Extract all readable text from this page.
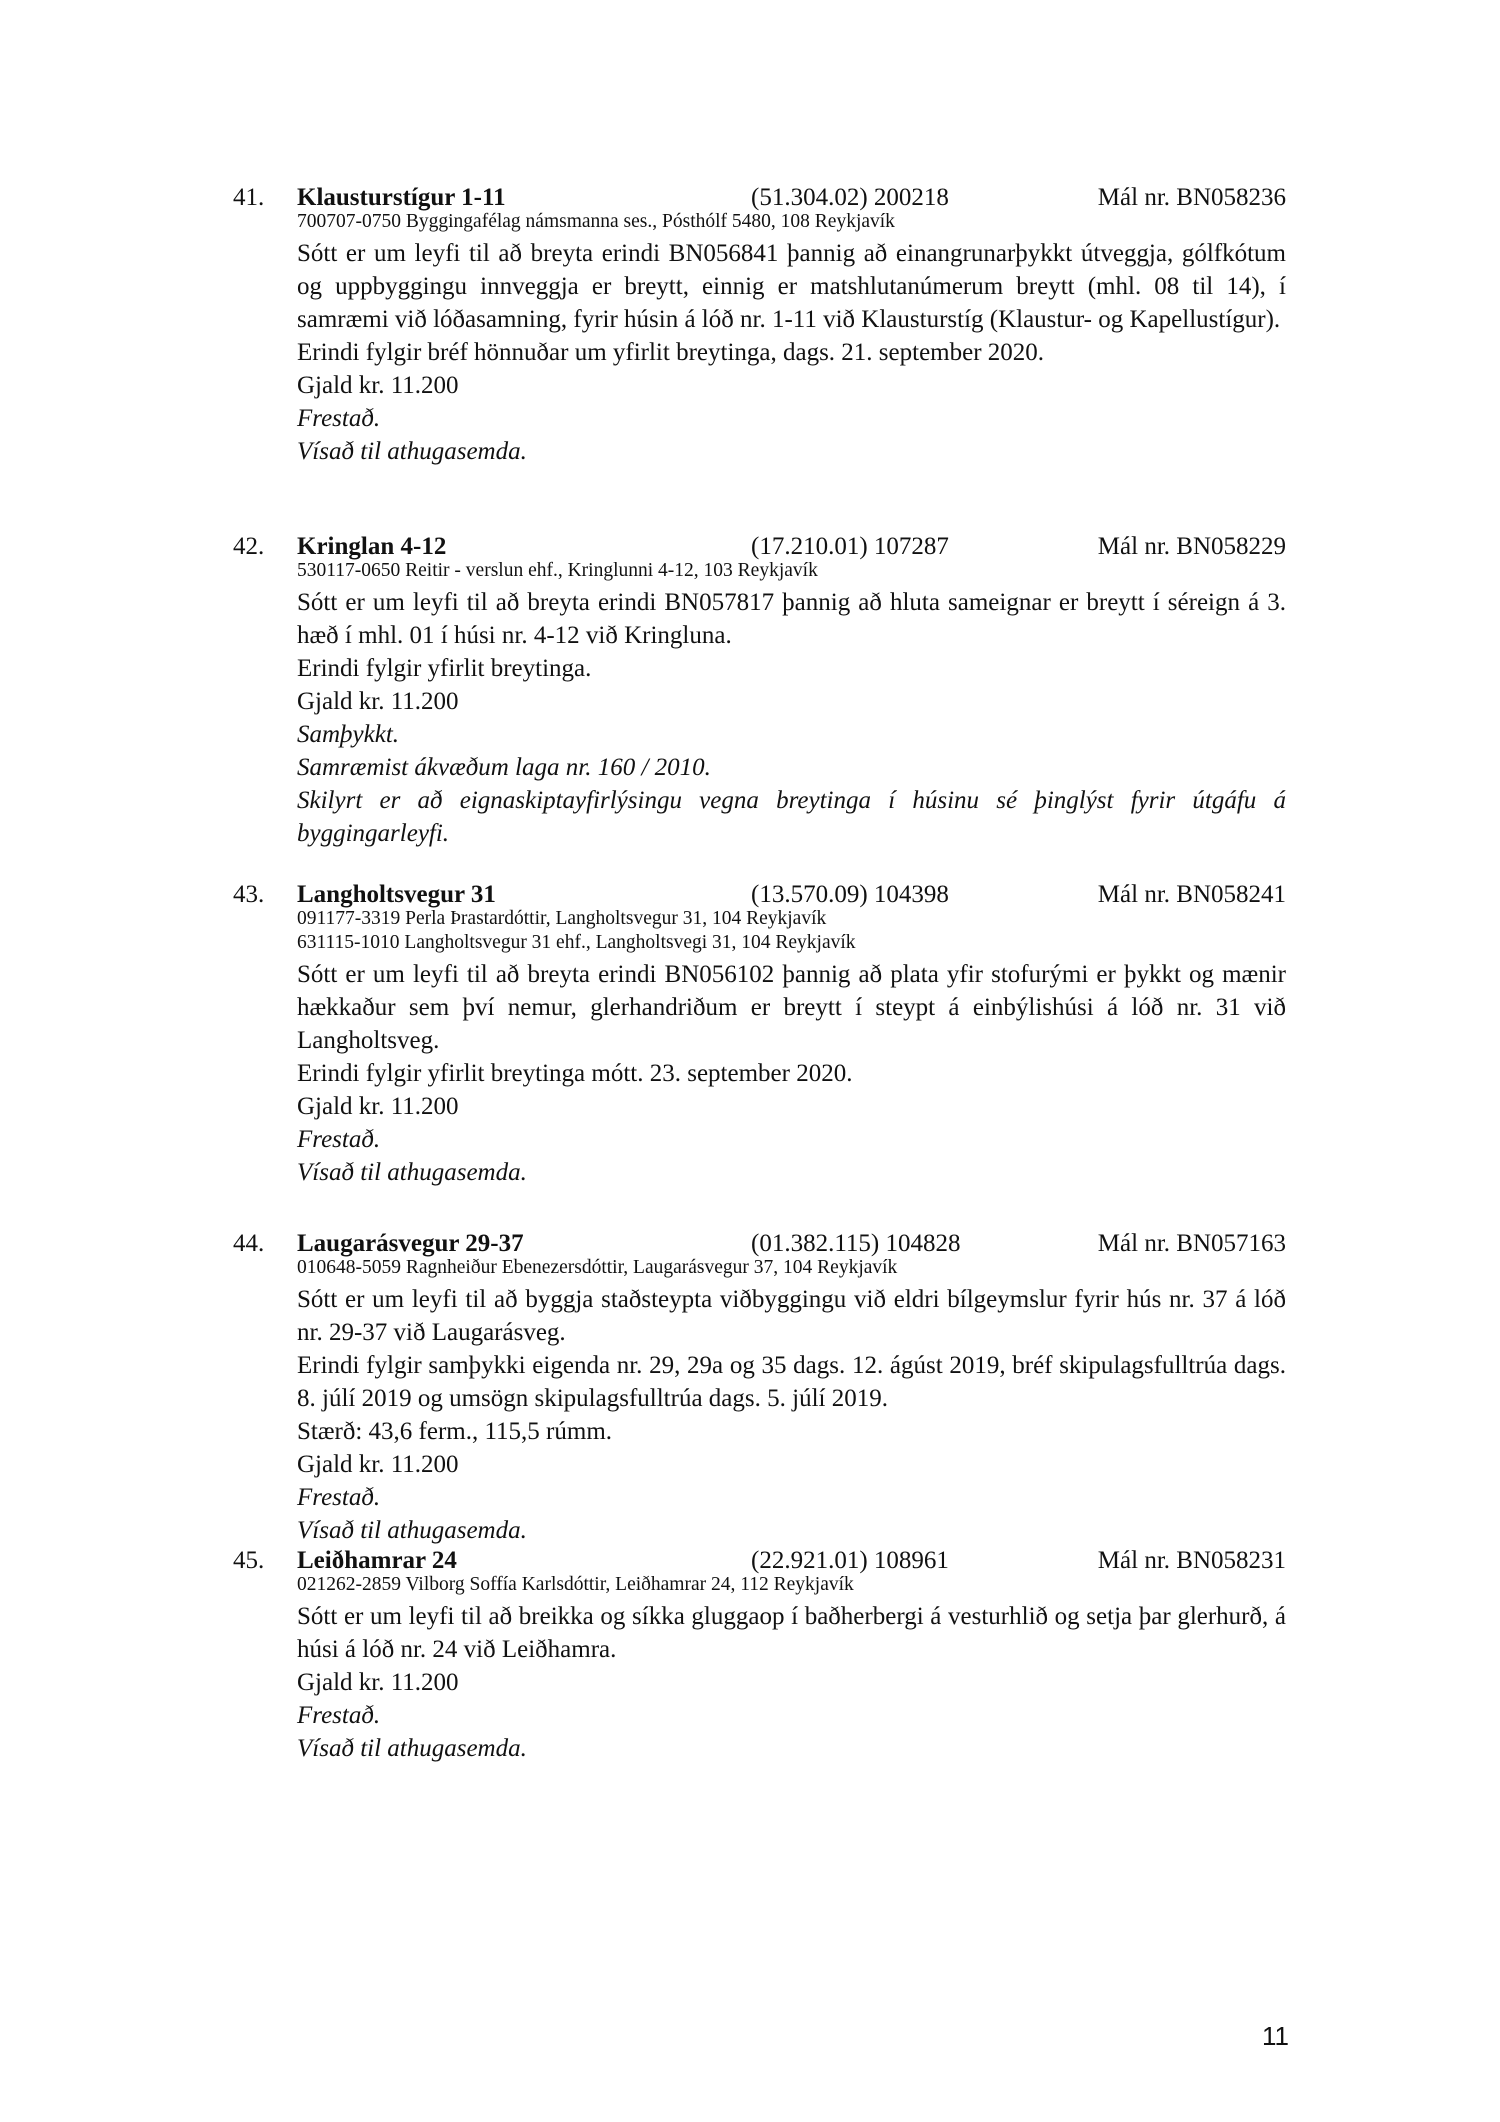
41. Klausturstígur 1-11	(51.304.02) 200218	Mál nr. BN058236
700707-0750 Byggingafélag námsmanna ses., Pósthólf 5480, 108 Reykjavík
Sótt er um leyfi til að breyta erindi BN056841 þannig að einangrunarþykkt útveggja, gólfkótum og uppbyggingu innveggja er breytt, einnig er matshlutanúmerum breytt (mhl. 08 til 14), í samræmi við lóðasamning, fyrir húsin á lóð nr. 1-11 við Klausturstíg (Klaustur- og Kapellustígur).
Erindi fylgir bréf hönnuðar um yfirlit breytinga, dags. 21. september 2020.
Gjald kr. 11.200
Frestað.
Vísað til athugasemda.
42. Kringlan 4-12	(17.210.01) 107287	Mál nr. BN058229
530117-0650 Reitir - verslun ehf., Kringlunni 4-12, 103 Reykjavík
Sótt er um leyfi til að breyta erindi BN057817 þannig að hluta sameignar er breytt í séreign á 3. hæð í mhl. 01 í húsi nr. 4-12 við Kringluna.
Erindi fylgir yfirlit breytinga.
Gjald kr. 11.200
Samþykkt.
Samræmist ákvæðum laga nr. 160 / 2010.
Skilyrt er að eignaskiptayfirlýsingu vegna breytinga í húsinu sé þinglýst fyrir útgáfu á byggingarleyfi.
43. Langholtsvegur 31	(13.570.09) 104398	Mál nr. BN058241
091177-3319 Perla Þrastardóttir, Langholtsvegur 31, 104 Reykjavík
631115-1010 Langholtsvegur 31 ehf., Langholtsvegi 31, 104 Reykjavík
Sótt er um leyfi til að breyta erindi BN056102 þannig að plata yfir stofurými er þykkt og mænir hækkaður sem því nemur, glerhandriðum er breytt í steypt á einbýlishúsi á lóð nr. 31 við Langholtsveg.
Erindi fylgir yfirlit breytinga mótt. 23. september 2020.
Gjald kr. 11.200
Frestað.
Vísað til athugasemda.
44. Laugarásvegur 29-37	(01.382.115) 104828	Mál nr. BN057163
010648-5059 Ragnheiður Ebenezersdóttir, Laugarásvegur 37, 104 Reykjavík
Sótt er um leyfi til að byggja staðsteypta viðbyggingu við eldri bílgeymslur fyrir hús nr. 37 á lóð nr. 29-37 við Laugarásveg.
Erindi fylgir samþykki eigenda nr. 29, 29a og 35 dags. 12. ágúst 2019, bréf skipulagsfulltrúa dags. 8. júlí 2019 og umsögn skipulagsfulltrúa dags. 5. júlí 2019.
Stærð: 43,6 ferm., 115,5 rúmm.
Gjald kr. 11.200
Frestað.
Vísað til athugasemda.
45. Leiðhamrar 24	(22.921.01) 108961	Mál nr. BN058231
021262-2859 Vilborg Soffía Karlsdóttir, Leiðhamrar 24, 112 Reykjavík
Sótt er um leyfi til að breikka og síkka gluggaop í baðherbergi á vesturhlið og setja þar glerhurð, á húsi á lóð nr. 24 við Leiðhamra.
Gjald kr. 11.200
Frestað.
Vísað til athugasemda.
11
